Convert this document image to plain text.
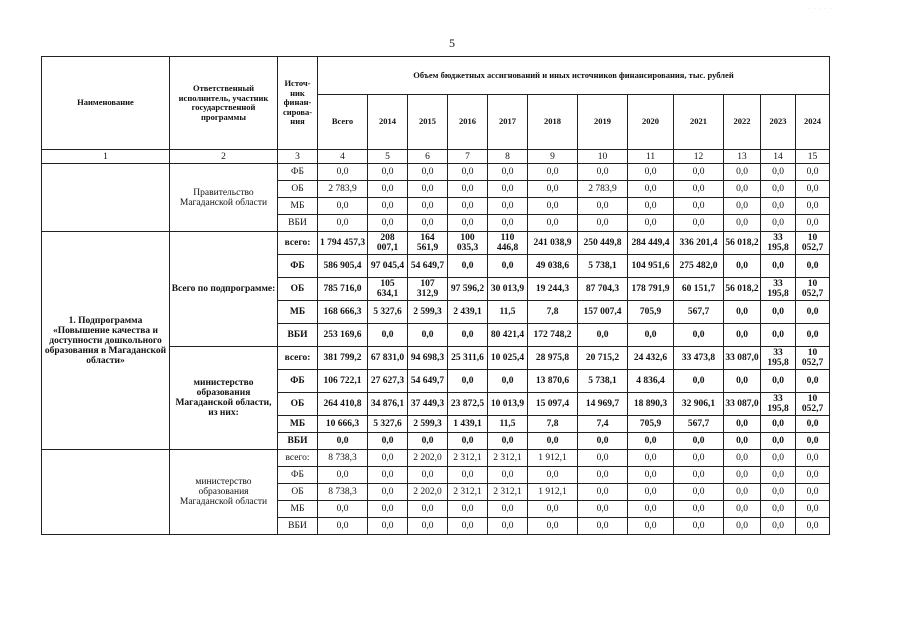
5
· · · · ·
Наименование	Ответственный исполнитель, участник государственной программы	Источ- ник финан- сирова- ния	Объем бюджетных ассигнований и иных источников финансирования, тыс. рублей											
			Всего	2014	2015	2016	2017	2018	2019	2020	2021	2022	2023	2024
1	2	3	4	5	6	7	8	9	10	11	12	13	14	15
	Правительство Магаданской области	ФБ	0,0	0,0	0,0	0,0	0,0	0,0	0,0	0,0	0,0	0,0	0,0	0,0
		ОБ	2 783,9	0,0	0,0	0,0	0,0	0,0	2 783,9	0,0	0,0	0,0	0,0	0,0
		МБ	0,0	0,0	0,0	0,0	0,0	0,0	0,0	0,0	0,0	0,0	0,0	0,0
		ВБИ	0,0	0,0	0,0	0,0	0,0	0,0	0,0	0,0	0,0	0,0	0,0	0,0
1. Подпрограмма «Повышение качества и доступности дошкольного образования в Магаданской области»	Всего по подпрограмме:	всего:	1 794 457,3	208 007,1	164 561,9	100 035,3	110 446,8	241 038,9	250 449,8	284 449,4	336 201,4	56 018,2	33 195,8	10 052,7
		ФБ	586 905,4	97 045,4	54 649,7	0,0	0,0	49 038,6	5 738,1	104 951,6	275 482,0	0,0	0,0	0,0
		ОБ	785 716,0	105 634,1	107 312,9	97 596,2	30 013,9	19 244,3	87 704,3	178 791,9	60 151,7	56 018,2	33 195,8	10 052,7
		МБ	168 666,3	5 327,6	2 599,3	2 439,1	11,5	7,8	157 007,4	705,9	567,7	0,0	0,0	0,0
		ВБИ	253 169,6	0,0	0,0	0,0	80 421,4	172 748,2	0,0	0,0	0,0	0,0	0,0	0,0
	министерство образования Магаданской области, из них:	всего:	381 799,2	67 831,0	94 698,3	25 311,6	10 025,4	28 975,8	20 715,2	24 432,6	33 473,8	33 087,0	33 195,8	10 052,7
		ФБ	106 722,1	27 627,3	54 649,7	0,0	0,0	13 870,6	5 738,1	4 836,4	0,0	0,0	0,0	0,0
		ОБ	264 410,8	34 876,1	37 449,3	23 872,5	10 013,9	15 097,4	14 969,7	18 890,3	32 906,1	33 087,0	33 195,8	10 052,7
		МБ	10 666,3	5 327,6	2 599,3	1 439,1	11,5	7,8	7,4	705,9	567,7	0,0	0,0	0,0
		ВБИ	0,0	0,0	0,0	0,0	0,0	0,0	0,0	0,0	0,0	0,0	0,0	0,0
	министерство образования Магаданской области	всего:	8 738,3	0,0	2 202,0	2 312,1	2 312,1	1 912,1	0,0	0,0	0,0	0,0	0,0	0,0
		ФБ	0,0	0,0	0,0	0,0	0,0	0,0	0,0	0,0	0,0	0,0	0,0	0,0
		ОБ	8 738,3	0,0	2 202,0	2 312,1	2 312,1	1 912,1	0,0	0,0	0,0	0,0	0,0	0,0
		МБ	0,0	0,0	0,0	0,0	0,0	0,0	0,0	0,0	0,0	0,0	0,0	0,0
		ВБИ	0,0	0,0	0,0	0,0	0,0	0,0	0,0	0,0	0,0	0,0	0,0	0,0
